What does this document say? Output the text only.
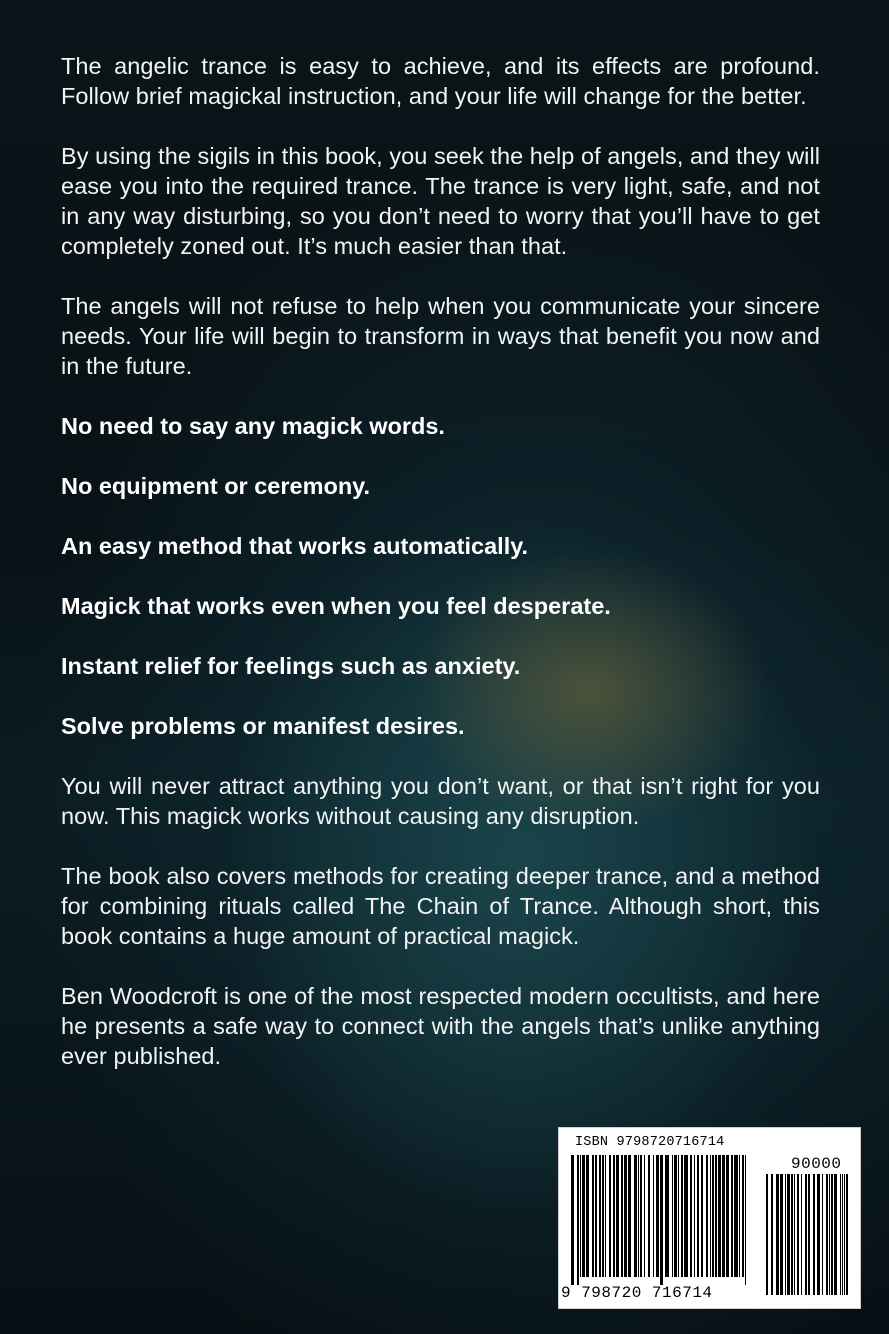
The angelic trance is easy to achieve, and its effects are profound. Follow brief magickal instruction, and your life will change for the better.

By using the sigils in this book, you seek the help of angels, and they will ease you into the required trance. The trance is very light, safe, and not in any way disturbing, so you don’t need to worry that you’ll have to get completely zoned out. It’s much easier than that.

The angels will not refuse to help when you communicate your sincere needs. Your life will begin to transform in ways that benefit you now and in the future.

No need to say any magick words.

No equipment or ceremony.

An easy method that works automatically.

Magick that works even when you feel desperate.

Instant relief for feelings such as anxiety.

Solve problems or manifest desires.

You will never attract anything you don’t want, or that isn’t right for you now. This magick works without causing any disruption.

The book also covers methods for creating deeper trance, and a method for combining rituals called The Chain of Trance. Although short, this book contains a huge amount of practical magick.

Ben Woodcroft is one of the most respected modern occultists, and here he presents a safe way to connect with the angels that’s unlike anything ever published.

ISBN 9798720716714
9 798720 716714
90000
